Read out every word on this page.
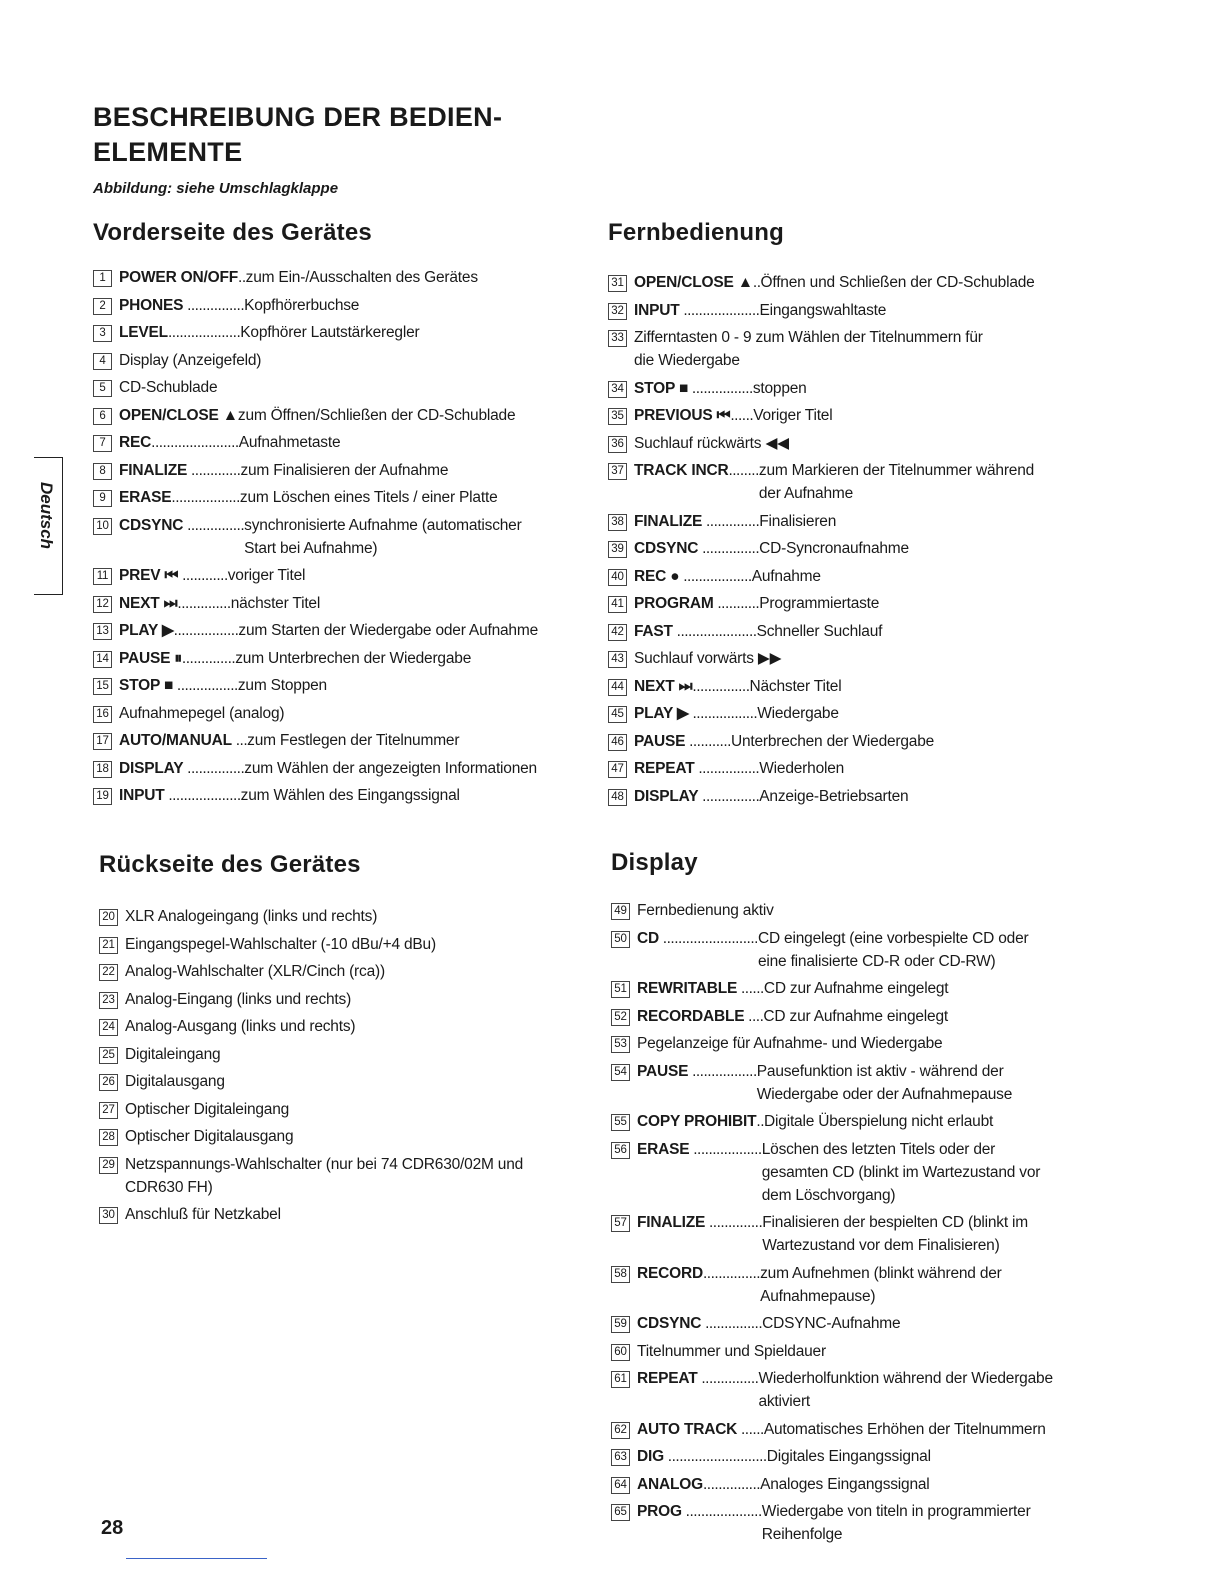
BESCHREIBUNG DER BEDIEN-
ELEMENTE
Abbildung: siehe Umschlagklappe
Vorderseite des Gerätes
1 POWER ON/OFF.. zum Ein-/Ausschalten des Gerätes
2 PHONES ............... Kopfhörerbuchse
3 LEVEL................... Kopfhörer Lautstärkeregler
4 Display (Anzeigefeld)
5 CD-Schublade
6 OPEN/CLOSE ▲ zum Öffnen/Schließen der CD-Schublade
7 REC....................... Aufnahmetaste
8 FINALIZE ............. zum Finalisieren der Aufnahme
9 ERASE.................. zum Löschen eines Titels / einer Platte
10 CDSYNC ............... synchronisierte Aufnahme (automatischer
Start bei Aufnahme)
11 PREV ⏮ ............ voriger Titel
12 NEXT ⏭.............. nächster Titel
13 PLAY ▶................. zum Starten der Wiedergabe oder Aufnahme
14 PAUSE ⏸.............. zum Unterbrechen der Wiedergabe
15 STOP ■ ................ zum Stoppen
16 Aufnahmepegel (analog)
17 AUTO/MANUAL ... zum Festlegen der Titelnummer
18 DISPLAY ............... zum Wählen der angezeigten Informationen
19 INPUT ................... zum Wählen des Eingangssignal
Fernbedienung
31 OPEN/CLOSE ▲.. Öffnen und Schließen der CD-Schublade
32 INPUT .................... Eingangswahltaste
33 Zifferntasten 0 - 9 zum Wählen der Titelnummern für
die Wiedergabe
34 STOP ■ ................ stoppen
35 PREVIOUS ⏮...... Voriger Titel
36 Suchlauf rückwärts ◀◀
37 TRACK INCR........ zum Markieren der Titelnummer während
der Aufnahme
38 FINALIZE .............. Finalisieren
39 CDSYNC ............... CD-Syncronaufnahme
40 REC ● .................. Aufnahme
41 PROGRAM ........... Programmiertaste
42 FAST ..................... Schneller Suchlauf
43 Suchlauf vorwärts ▶▶
44 NEXT ⏭............... Nächster Titel
45 PLAY ▶ ................. Wiedergabe
46 PAUSE ........... Unterbrechen der Wiedergabe
47 REPEAT ................ Wiederholen
48 DISPLAY ............... Anzeige-Betriebsarten
Rückseite des Gerätes
20 XLR Analogeingang (links und rechts)
21 Eingangspegel-Wahlschalter (-10 dBu/+4 dBu)
22 Analog-Wahlschalter (XLR/Cinch (rca))
23 Analog-Eingang (links und rechts)
24 Analog-Ausgang (links und rechts)
25 Digitaleingang
26 Digitalausgang
27 Optischer Digitaleingang
28 Optischer Digitalausgang
29 Netzspannungs-Wahlschalter (nur bei 74 CDR630/02M und
CDR630 FH)
30 Anschluß für Netzkabel
Display
49 Fernbedienung aktiv
50 CD ......................... CD eingelegt (eine vorbespielte CD oder
eine finalisierte CD-R oder CD-RW)
51 REWRITABLE ...... CD zur Aufnahme eingelegt
52 RECORDABLE .... CD zur Aufnahme eingelegt
53 Pegelanzeige für Aufnahme- und Wiedergabe
54 PAUSE ................. Pausefunktion ist aktiv - während der
Wiedergabe oder der Aufnahmepause
55 COPY PROHIBIT.. Digitale Überspielung nicht erlaubt
56 ERASE .................. Löschen des letzten Titels oder der
gesamten CD (blinkt im Wartezustand vor
dem Löschvorgang)
57 FINALIZE .............. Finalisieren der bespielten CD (blinkt im
Wartezustand vor dem Finalisieren)
58 RECORD............... zum Aufnehmen (blinkt während der
Aufnahmepause)
59 CDSYNC ............... CDSYNC-Aufnahme
60 Titelnummer und Spieldauer
61 REPEAT ............... Wiederholfunktion während der Wiedergabe
aktiviert
62 AUTO TRACK ...... Automatisches Erhöhen der Titelnummern
63 DIG .......................... Digitales Eingangssignal
64 ANALOG............... Analoges Eingangssignal
65 PROG .................... Wiedergabe von titeln in programmierter
Reihenfolge
Deutsch
28
